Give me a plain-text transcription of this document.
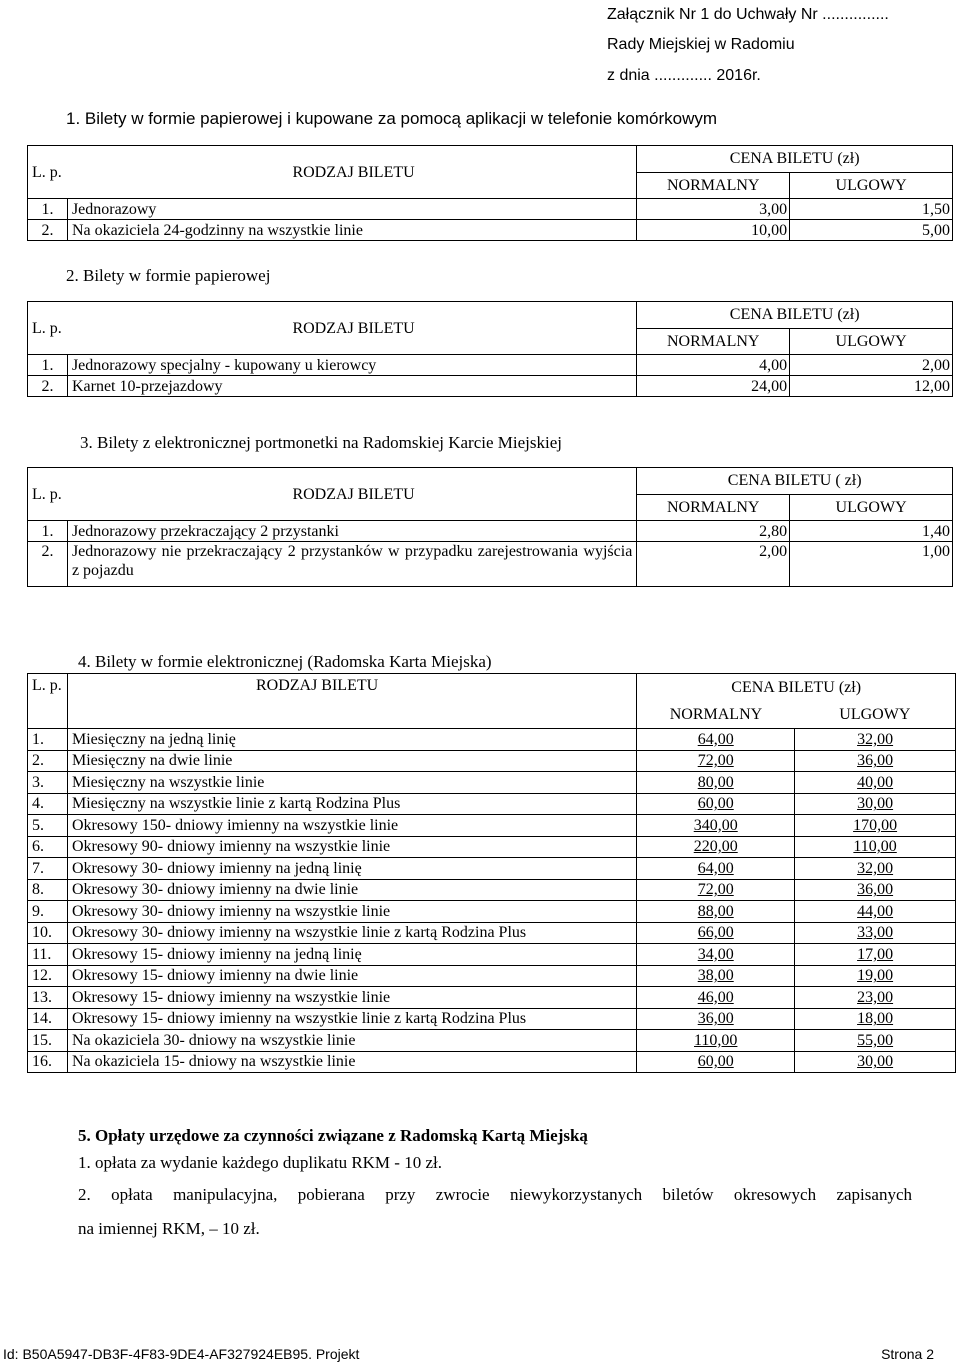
Załącznik Nr 1 do Uchwały Nr ...............
Rady Miejskiej w Radomiu
z dnia ............. 2016r.
1. Bilety w formie papierowej i kupowane za pomocą aplikacji w telefonie komórkowym
L. p.	RODZAJ BILETU	CENA BILETU (zł)	
		NORMALNY	ULGOWY
1.	Jednorazowy	3,00	1,50
2.	Na okaziciela 24-godzinny na wszystkie linie	10,00	5,00
2. Bilety w formie papierowej
L. p.	RODZAJ BILETU	CENA BILETU (zł)	
		NORMALNY	ULGOWY
1.	Jednorazowy specjalny - kupowany u kierowcy	4,00	2,00
2.	Karnet 10-przejazdowy	24,00	12,00
3. Bilety z elektronicznej portmonetki na Radomskiej Karcie Miejskiej
L. p.	RODZAJ BILETU	CENA BILETU ( zł)	
		NORMALNY	ULGOWY
1.	Jednorazowy przekraczający 2 przystanki	2,80	1,40
2.	Jednorazowy nie przekraczający 2 przystanków w przypadku zarejestrowania wyjścia z pojazdu	2,00	1,00
4. Bilety w formie elektronicznej (Radomska Karta Miejska)
L. p.	RODZAJ BILETU	CENA BILETU (zł)	
		NORMALNY	ULGOWY
1.	Miesięczny na jedną linię	64,00	32,00
2.	Miesięczny na dwie linie	72,00	36,00
3.	Miesięczny na wszystkie linie	80,00	40,00
4.	Miesięczny na wszystkie linie z kartą Rodzina Plus	60,00	30,00
5.	Okresowy 150- dniowy imienny na wszystkie linie	340,00	170,00
6.	Okresowy 90- dniowy imienny na wszystkie linie	220,00	110,00
7.	Okresowy 30- dniowy imienny na jedną linię	64,00	32,00
8.	Okresowy 30- dniowy imienny na dwie linie	72,00	36,00
9.	Okresowy 30- dniowy imienny na wszystkie linie	88,00	44,00
10.	Okresowy 30- dniowy imienny na wszystkie linie z kartą Rodzina Plus	66,00	33,00
11.	Okresowy 15- dniowy imienny na jedną linię	34,00	17,00
12.	Okresowy 15- dniowy imienny na dwie linie	38,00	19,00
13.	Okresowy 15- dniowy imienny na wszystkie linie	46,00	23,00
14.	Okresowy 15- dniowy imienny na wszystkie linie z kartą Rodzina Plus	36,00	18,00
15.	Na okaziciela 30- dniowy na wszystkie linie	110,00	55,00
16.	Na okaziciela 15- dniowy na wszystkie linie	60,00	30,00
5. Opłaty urzędowe za czynności związane z Radomską Kartą Miejską
1. opłata za wydanie każdego duplikatu RKM - 10 zł.
2. opłata manipulacyjna, pobierana przy zwrocie niewykorzystanych biletów okresowych zapisanych
na imiennej RKM, – 10 zł.
Id: B50A5947-DB3F-4F83-9DE4-AF327924EB95. Projekt	Strona 2
